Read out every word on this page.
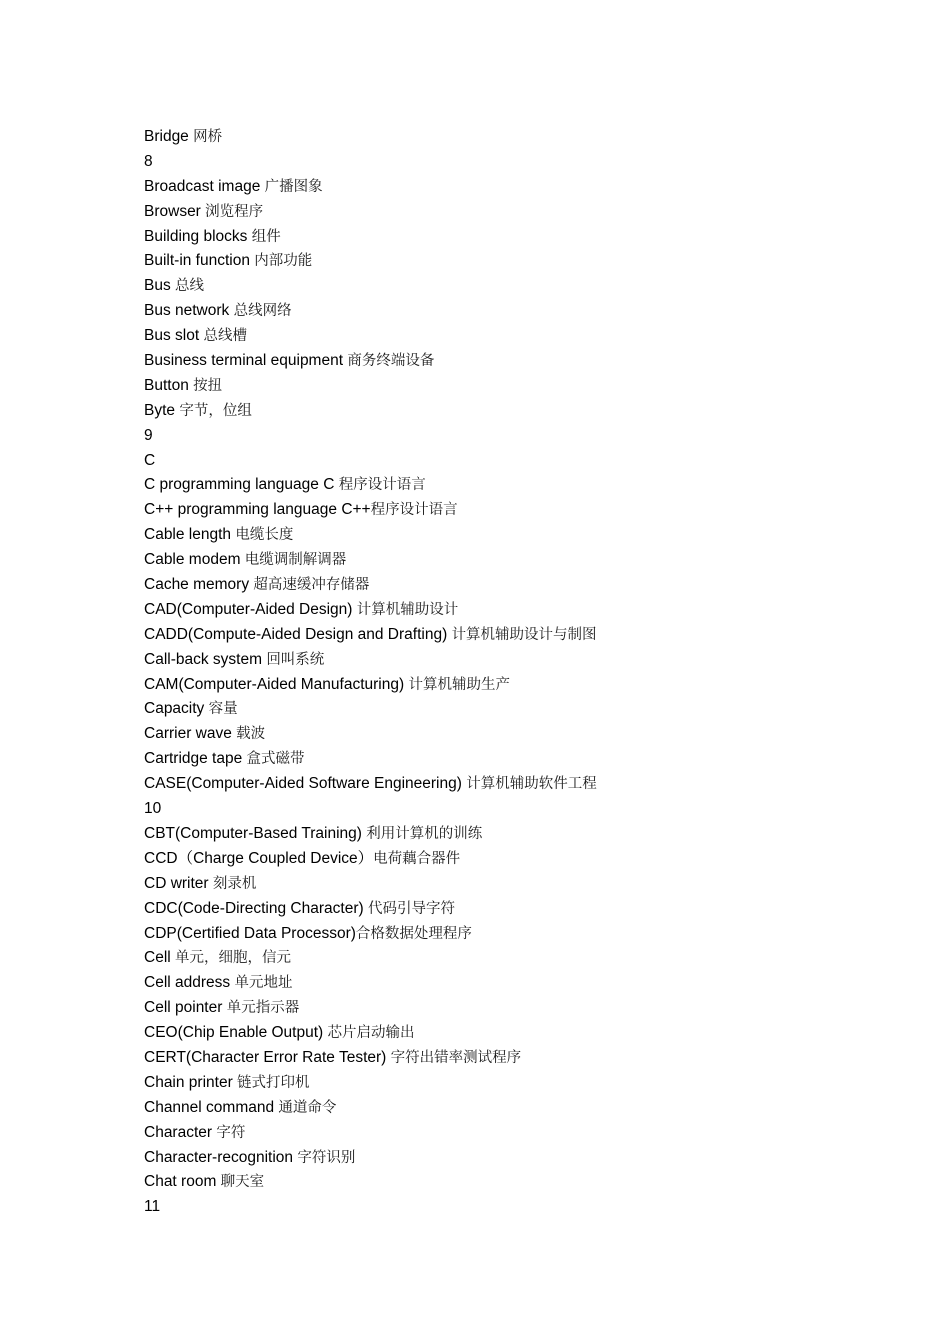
Bridge 网桥
8
Broadcast image 广播图象
Browser 浏览程序
Building blocks 组件
Built-in function 内部功能
Bus 总线
Bus network 总线网络
Bus slot 总线槽
Business terminal equipment 商务终端设备
Button 按扭
Byte 字节，位组
9
C
C programming language C 程序设计语言
C++ programming language C++程序设计语言
Cable length 电缆长度
Cable modem 电缆调制解调器
Cache memory 超高速缓冲存储器
CAD(Computer-Aided Design) 计算机辅助设计
CADD(Compute-Aided Design and Drafting) 计算机辅助设计与制图
Call-back system 回叫系统
CAM(Computer-Aided Manufacturing) 计算机辅助生产
Capacity 容量
Carrier wave 载波
Cartridge tape 盒式磁带
CASE(Computer-Aided Software Engineering) 计算机辅助软件工程
10
CBT(Computer-Based Training) 利用计算机的训练
CCD（Charge Coupled Device）电荷藕合器件
CD writer 刻录机
CDC(Code-Directing Character) 代码引导字符
CDP(Certified Data Processor)合格数据处理程序
Cell 单元，细胞，信元
Cell address 单元地址
Cell pointer 单元指示器
CEO(Chip Enable Output) 芯片启动输出
CERT(Character Error Rate Tester) 字符出错率测试程序
Chain printer 链式打印机
Channel command 通道命令
Character 字符
Character-recognition 字符识别
Chat room 聊天室
11
